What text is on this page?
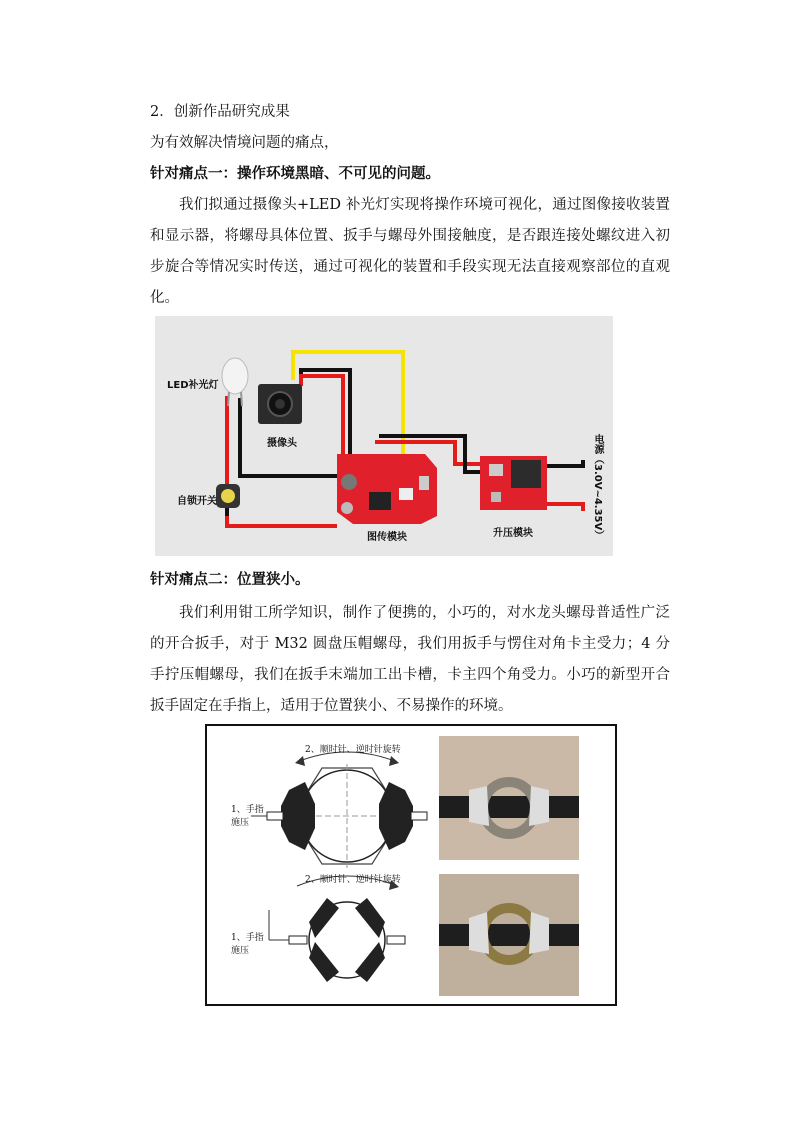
2．创新作品研究成果

为有效解决情境问题的痛点，

针对痛点一：操作环境黑暗、不可见的问题。

我们拟通过摄像头+LED 补光灯实现将操作环境可视化，通过图像接收装置和显示器，将螺母具体位置、扳手与螺母外围接触度，是否跟连接处螺纹进入初步旋合等情况实时传送，通过可视化的装置和手段实现无法直接观察部位的直观化。

LED补光灯
摄像头
自锁开关
图传模块	升压模块	电源（3.0V~4.35V）

针对痛点二：位置狭小。

我们利用钳工所学知识，制作了便携的，小巧的，对水龙头螺母普适性广泛的开合扳手，对于 M32 圆盘压帽螺母，我们用扳手与愣住对角卡主受力；4 分手拧压帽螺母，我们在扳手末端加工出卡槽，卡主四个角受力。小巧的新型开合扳手固定在手指上，适用于位置狭小、不易操作的环境。

2、顺时针、逆时针旋转
1、手指施压
2、顺时针、逆时针旋转
1、手指施压
